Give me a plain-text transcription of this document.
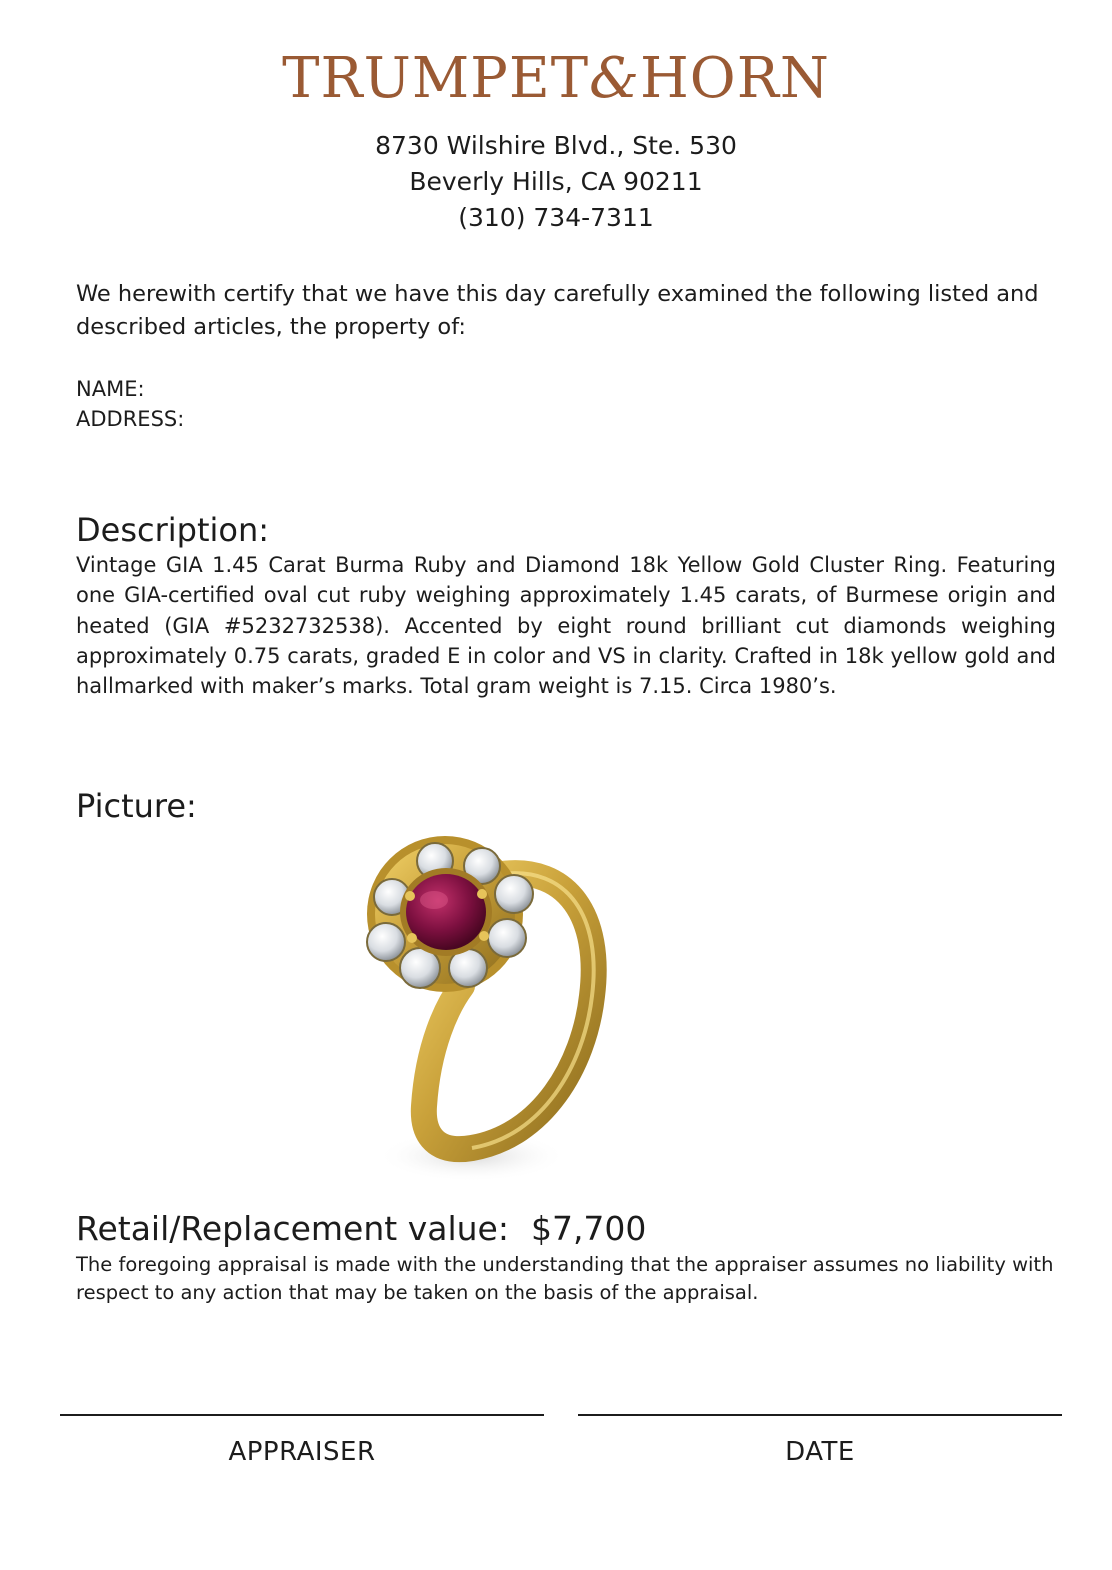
TRUMPET&HORN
8730 Wilshire Blvd., Ste. 530
Beverly Hills, CA 90211
(310) 734-7311
We herewith certify that we have this day carefully examined the following listed and described articles, the property of:
NAME:
ADDRESS:
Description:
Vintage GIA 1.45 Carat Burma Ruby and Diamond 18k Yellow Gold Cluster Ring. Featuring one GIA-certified oval cut ruby weighing approximately 1.45 carats, of Burmese origin and heated (GIA #5232732538). Accented by eight round brilliant cut diamonds weighing approximately 0.75 carats, graded E in color and VS in clarity. Crafted in 18k yellow gold and hallmarked with maker’s marks. Total gram weight is 7.15. Circa 1980’s.
Picture:
Retail/Replacement value: $7,700
The foregoing appraisal is made with the understanding that the appraiser assumes no liability with respect to any action that may be taken on the basis of the appraisal.
APPRAISER	DATE
